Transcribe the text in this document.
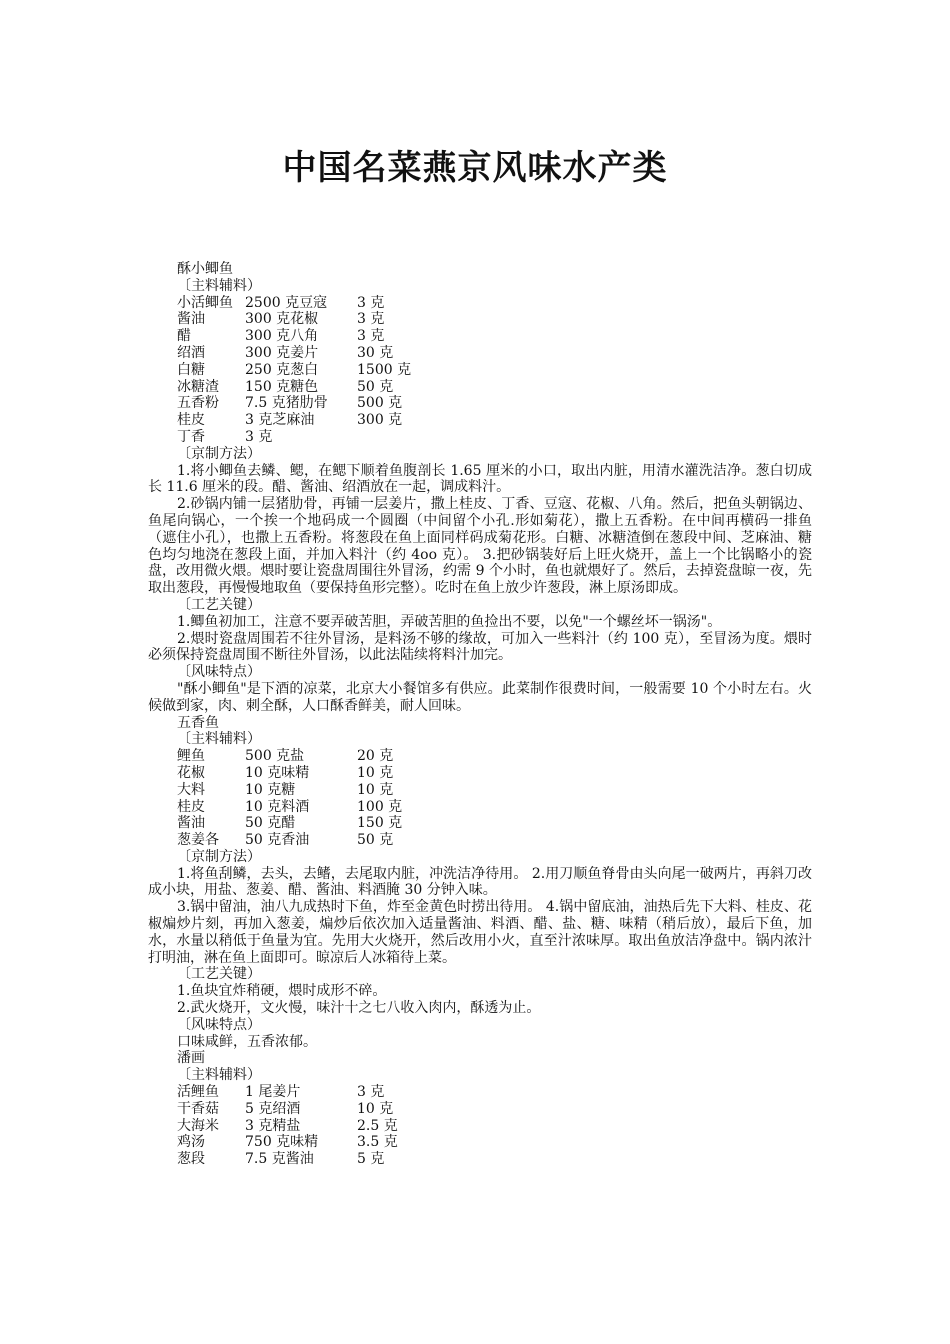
中国名菜燕京风味水产类
酥小鲫鱼
〔主料辅料）
小活鲫鱼 2500 克豆寇	3 克
酱油	300 克花椒	3 克
醋	300 克八角	3 克
绍酒	300 克姜片	30 克
白糖	250 克葱白	1500 克
冰糖渣	150 克糖色	50 克
五香粉	7.5 克猪肋骨	500 克
桂皮	3 克芝麻油	300 克
丁香	3 克
〔京制方法）
1.将小鲫鱼去鳞、鳃，在鳃下顺着鱼腹剖长 1.65 厘米的小口，取出内脏，用清水灌洗洁净。葱白切成长 11.6 厘米的段。醋、酱油、绍酒放在一起，调成料汁。
2.砂锅内铺一层猪肋骨，再铺一层姜片，撒上桂皮、丁香、豆寇、花椒、八角。然后，把鱼头朝锅边、鱼尾向锅心，一个挨一个地码成一个圆圈（中间留个小孔.形如菊花），撒上五香粉。在中间再横码一排鱼（遮住小孔），也撒上五香粉。将葱段在鱼上面同样码成菊花形。白糖、冰糖渣倒在葱段中间、芝麻油、糖色均匀地浇在葱段上面，并加入料汁（约 4oo 克）。 3.把砂锅装好后上旺火烧开，盖上一个比锅略小的瓷盘，改用微火煨。煨时要让瓷盘周围往外冒汤，约需 9 个小时，鱼也就煨好了。然后，去掉瓷盘晾一夜，先取出葱段，再慢慢地取鱼（要保持鱼形完整）。吃时在鱼上放少许葱段，淋上原汤即成。
〔工艺关键）
1.鲫鱼初加工，注意不要弄破苦胆，弄破苦胆的鱼捡出不要，以免"一个螺丝坏一锅汤"。
2.煨时瓷盘周围若不往外冒汤，是料汤不够的缘故，可加入一些料汁（约 100 克），至冒汤为度。煨时必须保持瓷盘周围不断往外冒汤，以此法陆续将料汁加完。
〔风味特点）
"酥小鲫鱼"是下酒的凉菜，北京大小餐馆多有供应。此菜制作很费时间，一般需要 10 个小时左右。火候做到家，肉、刺全酥，人口酥香鲜美，耐人回味。
五香鱼
〔主料辅料）
鲤鱼	500 克盐	20 克
花椒	10 克味精	10 克
大料	10 克糖	10 克
桂皮	10 克料酒	100 克
酱油	50 克醋	150 克
葱姜各	50 克香油	50 克
〔京制方法）
1.将鱼刮鳞，去头，去鳍，去尾取内脏，冲洗洁净待用。 2.用刀顺鱼脊骨由头向尾一破两片，再斜刀改成小块，用盐、葱姜、醋、酱油、料酒腌 30 分钟入味。
3.锅中留油，油八九成热时下鱼，炸至金黄色时捞出待用。 4.锅中留底油，油热后先下大料、桂皮、花椒煸炒片刻，再加入葱姜，煸炒后依次加入适量酱油、料酒、醋、盐、糖、味精（稍后放），最后下鱼，加水，水量以稍低于鱼量为宜。先用大火烧开，然后改用小火，直至汁浓味厚。取出鱼放洁净盘中。锅内浓汁打明油，淋在鱼上面即可。晾凉后人冰箱待上菜。
〔工艺关键）
1.鱼块宜炸稍硬，煨时成形不碎。
2.武火烧开，文火慢，味汁十之七八收入肉内，酥透为止。
〔风味特点）
口味咸鲜，五香浓郁。
潘画
〔主料辅料）
活鲤鱼	1 尾姜片	3 克
干香菇	5 克绍酒	10 克
大海米	3 克精盐	2.5 克
鸡汤	750 克味精	3.5 克
葱段	7.5 克酱油	5 克
